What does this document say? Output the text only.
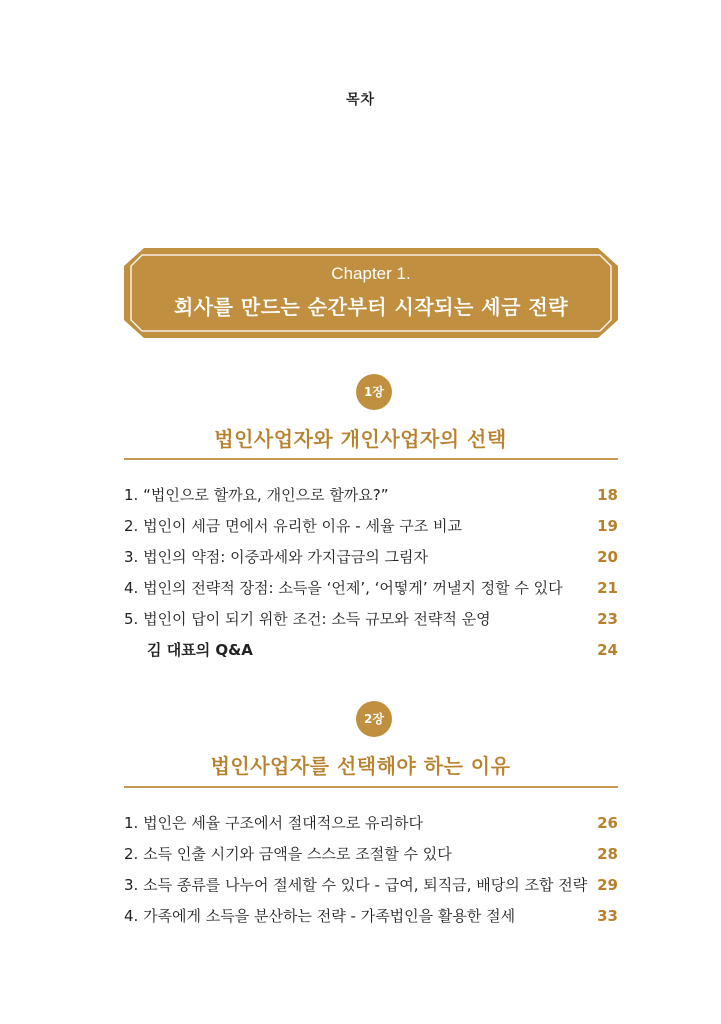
목차
Chapter 1.
회사를 만드는 순간부터 시작되는 세금 전략
1장
법인사업자와 개인사업자의 선택
1. “법인으로 할까요, 개인으로 할까요?”	18
2. 법인이 세금 면에서 유리한 이유 - 세율 구조 비교	19
3. 법인의 약점: 이중과세와 가지급금의 그림자	20
4. 법인의 전략적 장점: 소득을 ‘언제’, ‘어떻게’ 꺼낼지 정할 수 있다 21
5. 법인이 답이 되기 위한 조건: 소득 규모와 전략적 운영	23
김 대표의 Q&A	24
2장
법인사업자를 선택해야 하는 이유
1. 법인은 세율 구조에서 절대적으로 유리하다	26
2. 소득 인출 시기와 금액을 스스로 조절할 수 있다	28
3. 소득 종류를 나누어 절세할 수 있다 - 급여, 퇴직금, 배당의 조합 전략 29
4. 가족에게 소득을 분산하는 전략 - 가족법인을 활용한 절세	33
